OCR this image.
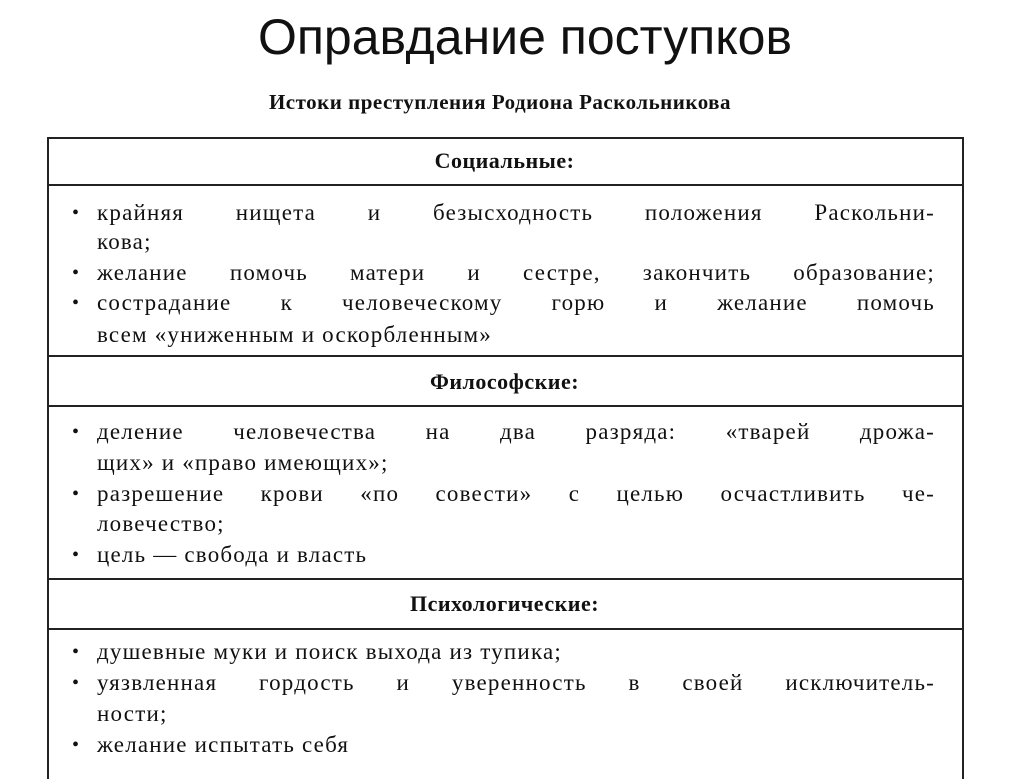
Оправдание поступков
Истоки преступления Родиона Раскольникова
Социальные:
• крайняя нищета и безысходность положения Раскольни-
кова;
• желание помочь матери и сестре, закончить образование;
• сострадание к человеческому горю и желание помочь
всем «униженным и оскорбленным»
Философские:
• деление человечества на два разряда: «тварей дрожа-
щих» и «право имеющих»;
• разрешение крови «по совести» с целью осчастливить че-
ловечество;
• цель — свобода и власть
Психологические:
• душевные муки и поиск выхода из тупика;
• уязвленная гордость и уверенность в своей исключитель-
ности;
• желание испытать себя
